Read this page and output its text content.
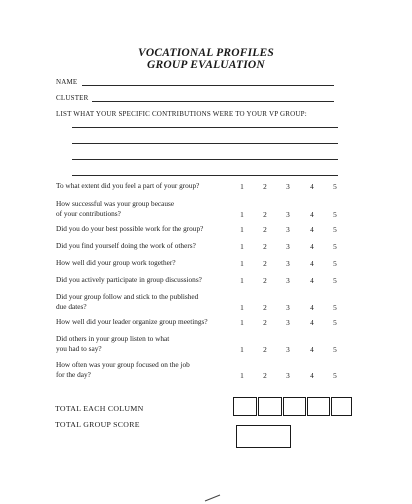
VOCATIONAL PROFILES
GROUP EVALUATION
NAME
CLUSTER
LIST WHAT YOUR SPECIFIC CONTRIBUTIONS WERE TO YOUR VP GROUP:
To what extent did you feel a part of your group?	1	2	3	4	5
How successful was your group because
of your contributions?	1	2	3	4	5
Did you do your best possible work for the group?	1	2	3	4	5
Did you find yourself doing the work of others?	1	2	3	4	5
How well did your group work together?	1	2	3	4	5
Did you actively participate in group discussions?	1	2	3	4	5
Did your group follow and stick to the published
due dates?	1	2	3	4	5
How well did your leader organize group meetings?	1	2	3	4	5
Did others in your group listen to what
you had to say?	1	2	3	4	5
How often was your group focused on the job
for the day?	1	2	3	4	5
TOTAL EACH COLUMN
TOTAL GROUP SCORE
